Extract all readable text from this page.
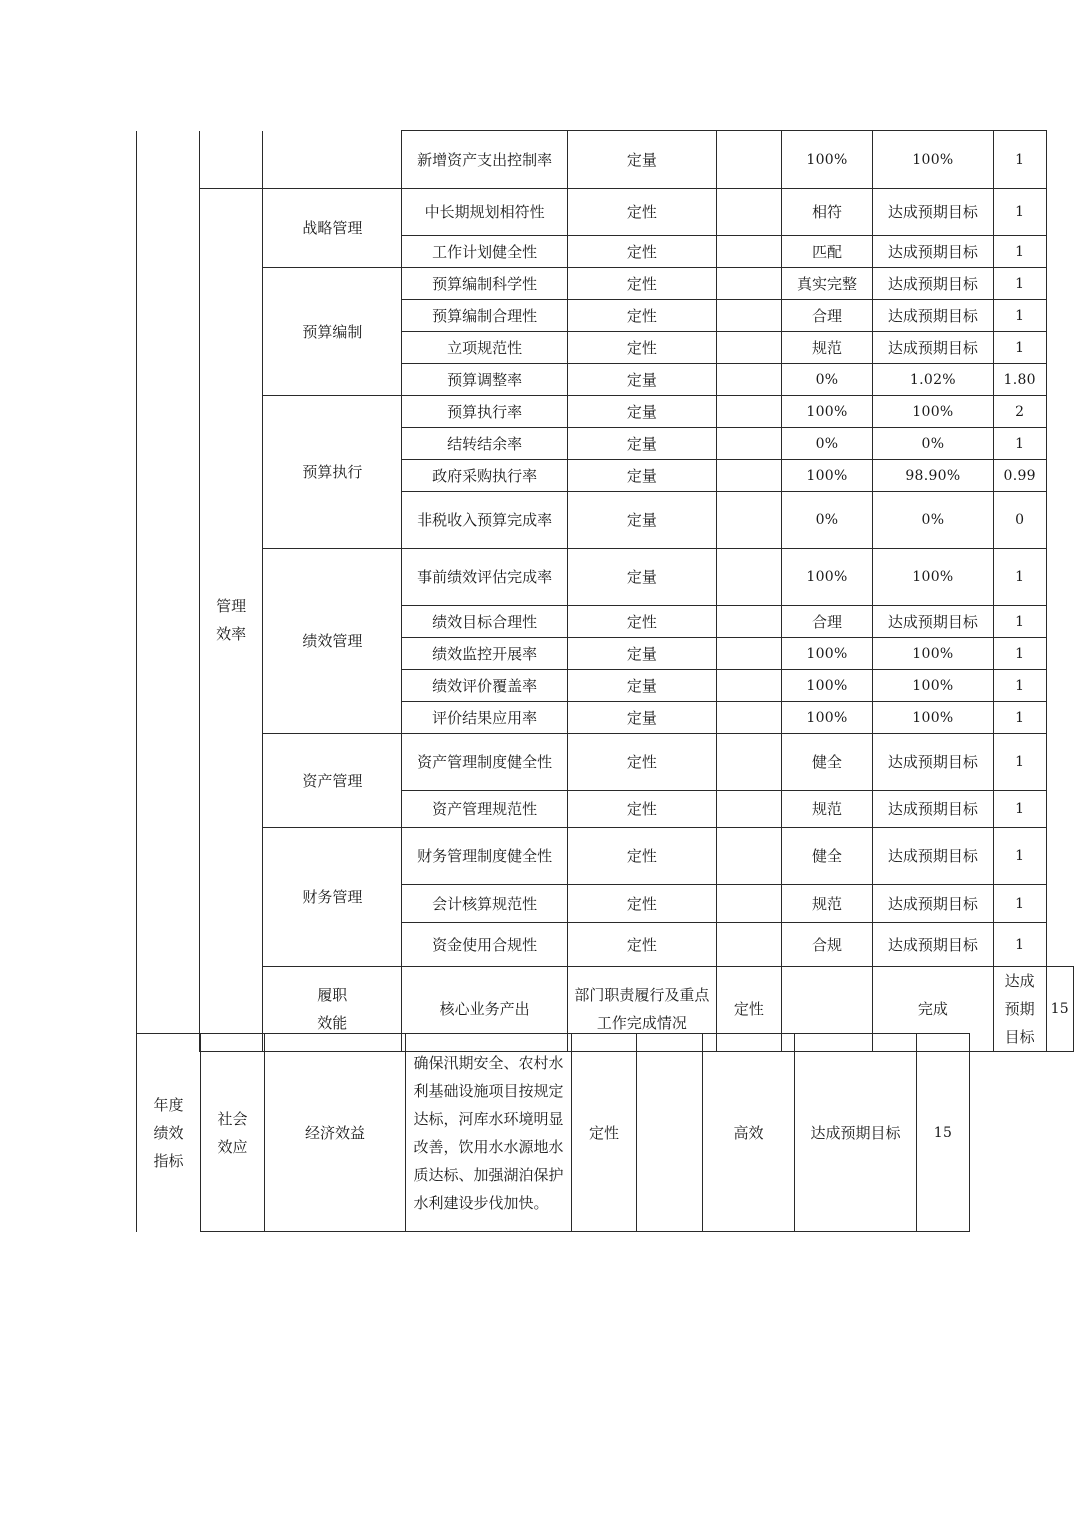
			新增资产支出控制率	定量		100%	100%	1	
	管理效率	战略管理	中长期规划相符性	定性		相符	达成预期目标	1	
			工作计划健全性	定性		匹配	达成预期目标	1	
		预算编制	预算编制科学性	定性		真实完整	达成预期目标	1	
			预算编制合理性	定性		合理	达成预期目标	1	
			立项规范性	定性		规范	达成预期目标	1	
			预算调整率	定量		0%	1.02%	1.80	
		预算执行	预算执行率	定量		100%	100%	2	
			结转结余率	定量		0%	0%	1	
			政府采购执行率	定量		100%	98.90%	0.99	

			非税收入预算完成率	定量		0%	0%	0	
		绩效管理	事前绩效评估完成率	定量		100%	100%	1	
			绩效目标合理性	定性		合理	达成预期目标	1	
			绩效监控开展率	定量		100%	100%	1	
			绩效评价覆盖率	定量		100%	100%	1	
			评价结果应用率	定量		100%	100%	1	
		资产管理	资产管理制度健全性	定性		健全	达成预期目标	1	
			资产管理规范性	定性		规范	达成预期目标	1	
		财务管理	财务管理制度健全性	定性		健全	达成预期目标	1	
			会计核算规范性	定性		规范	达成预期目标	1	
			资金使用合规性	定性		合规	达成预期目标	1	
		履职效能	核心业务产出	部门职责履行及重点工作完成情况	定性		完成	达成预期目标	15
年度绩效指标	社会效应	经济效益	确保汛期安全、农村水利基础设施项目按规定达标，河库水环境明显改善，饮用水水源地水质达标、加强湖泊保护水利建设步伐加快。	定性		高效	达成预期目标	15
